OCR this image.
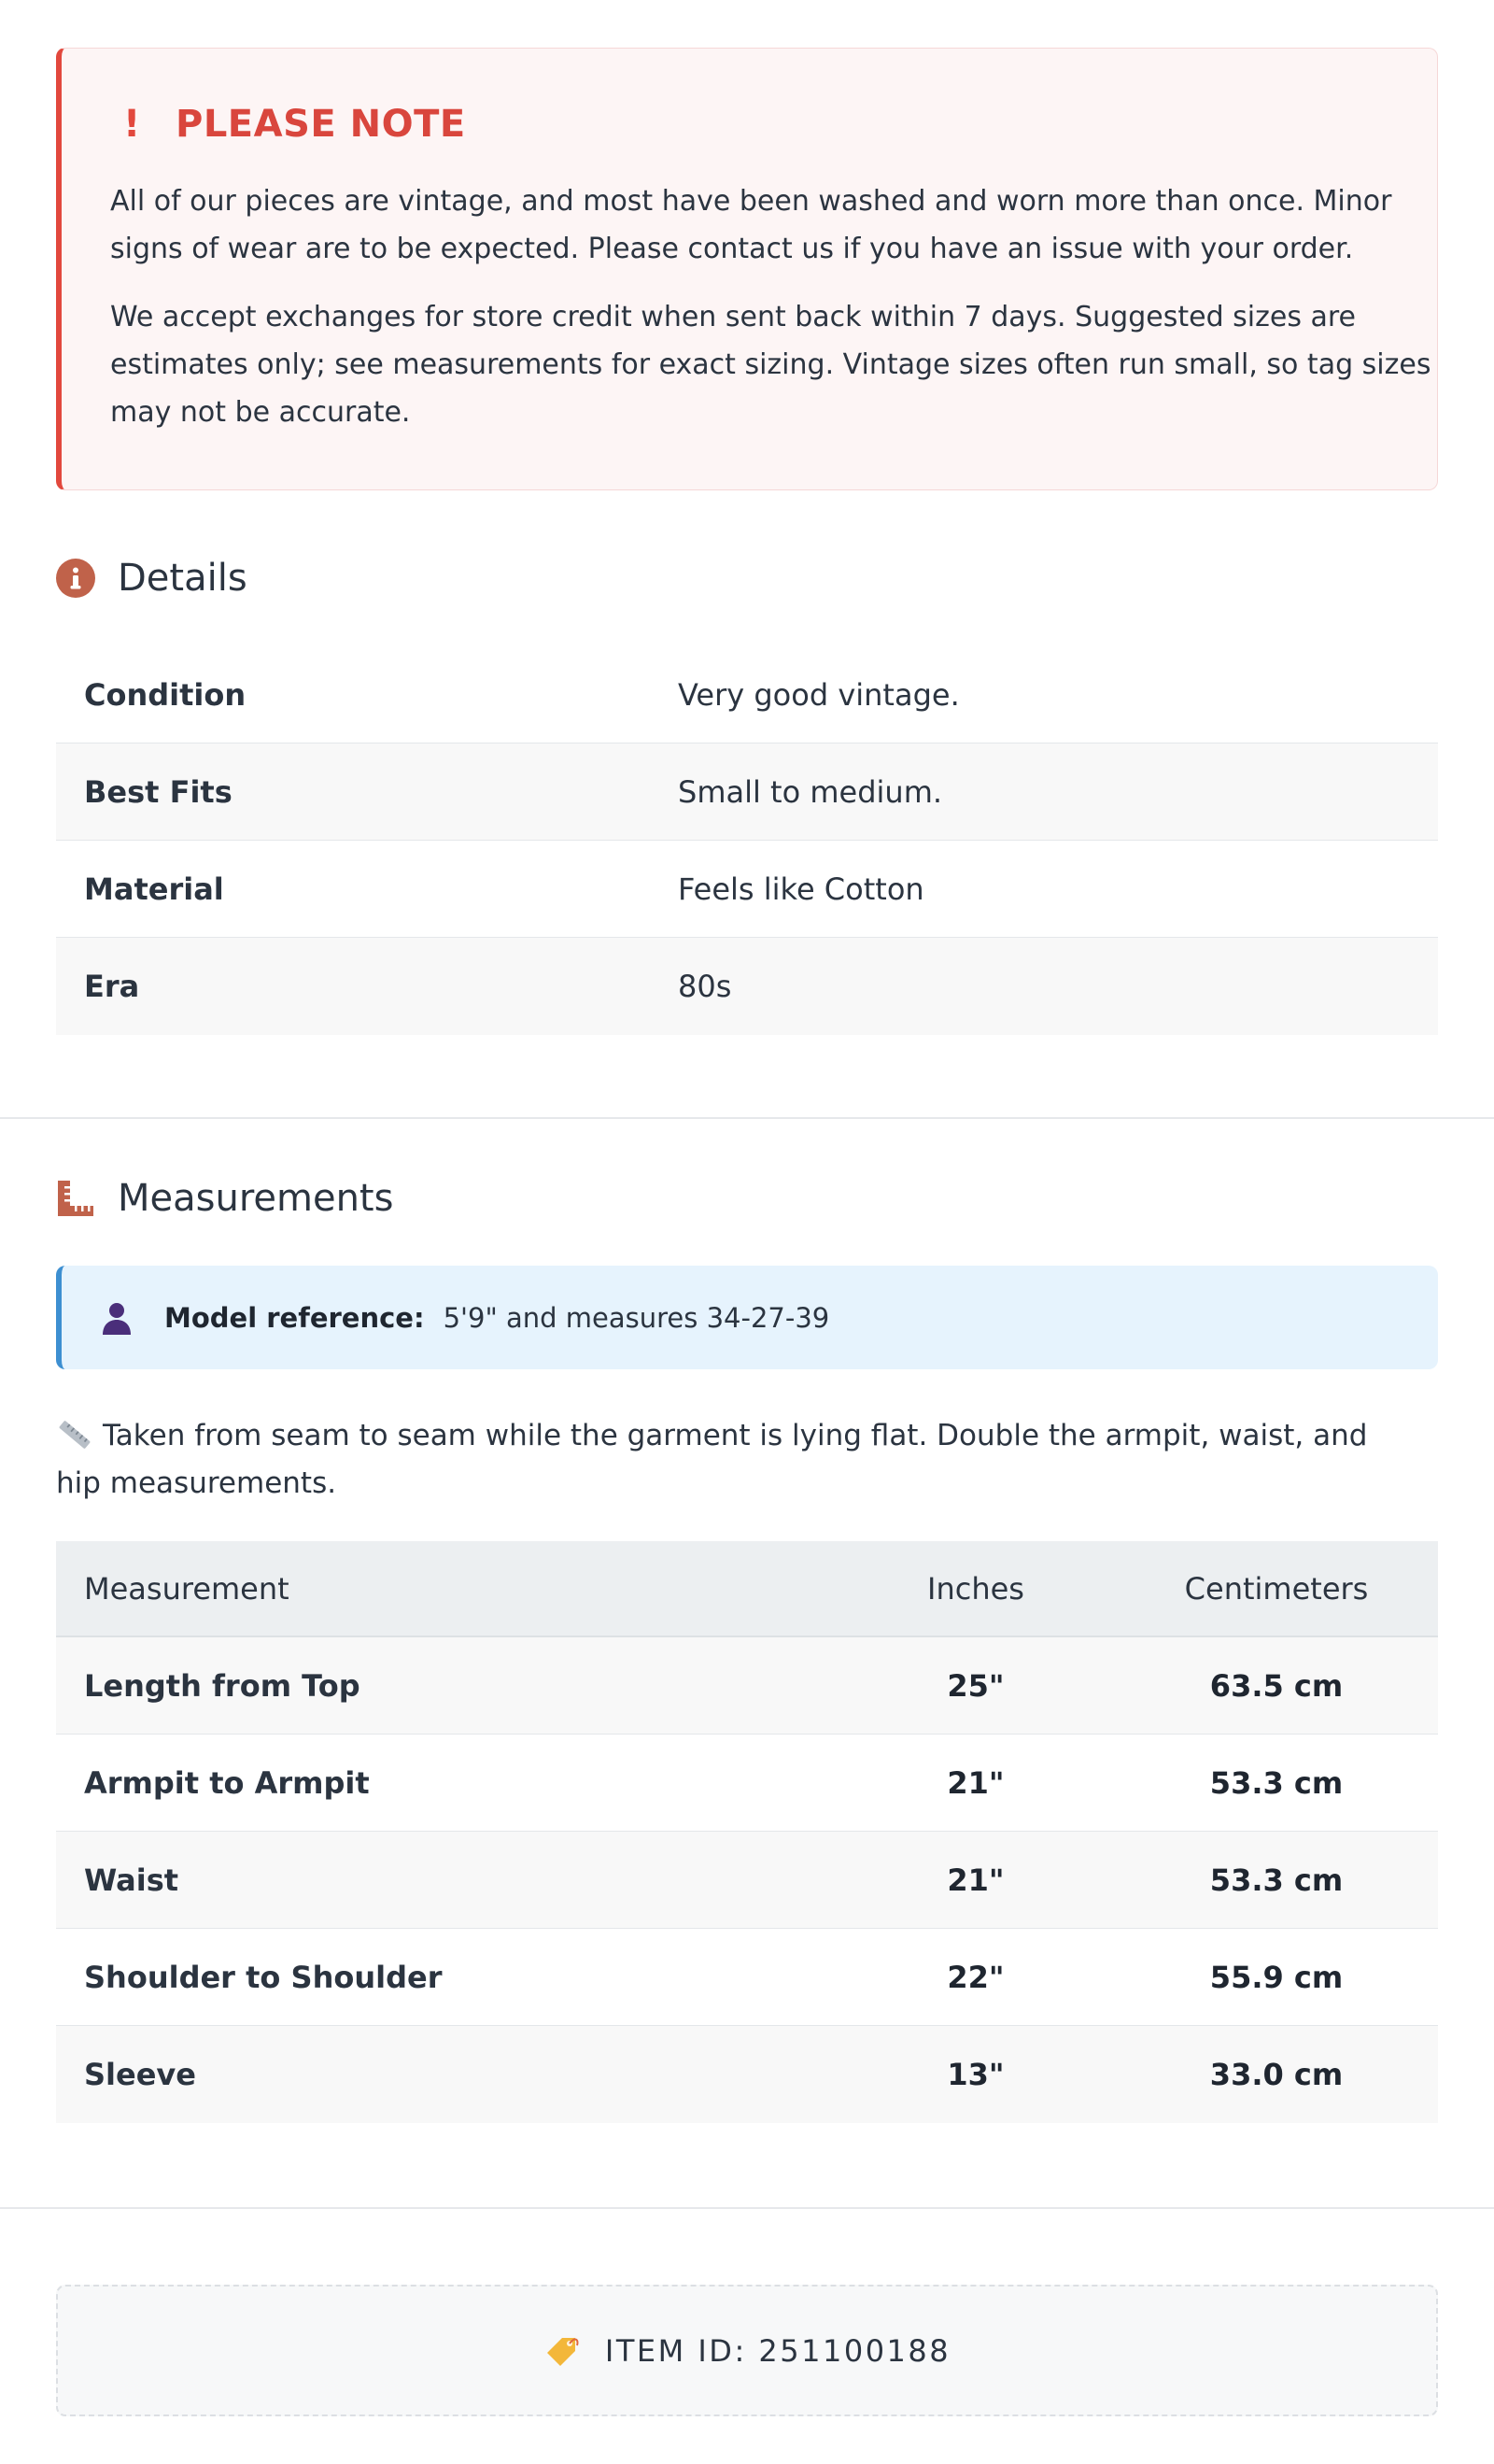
! PLEASE NOTE

All of our pieces are vintage, and most have been washed and worn more than once. Minor signs of wear are to be expected. Please contact us if you have an issue with your order.

We accept exchanges for store credit when sent back within 7 days. Suggested sizes are estimates only; see measurements for exact sizing. Vintage sizes often run small, so tag sizes may not be accurate.

Details
Condition	Very good vintage.
Best Fits	Small to medium.
Material	Feels like Cotton
Era	80s
Measurements
Model reference: 5'9" and measures 34-27-39
Taken from seam to seam while the garment is lying flat. Double the armpit, waist, and hip measurements.
Measurement	Inches	Centimeters
Length from Top	25"	63.5 cm
Armpit to Armpit	21"	53.3 cm
Waist	21"	53.3 cm
Shoulder to Shoulder	22"	55.9 cm
Sleeve	13"	33.0 cm
ITEM ID: 251100188
